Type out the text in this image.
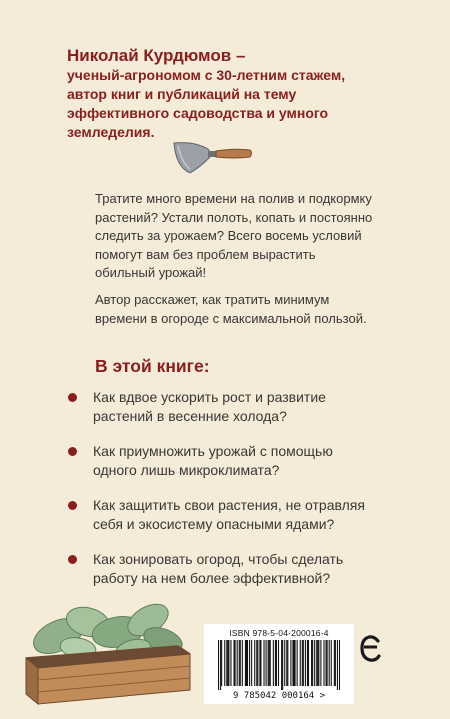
Николай Курдюмов –
ученый-агрономом с 30-летним стажем,
автор книг и публикаций на тему
эффективного садоводства и умного
земледелия.
Тратите много времени на полив и подкормку
растений? Устали полоть, копать и постоянно
следить за урожаем? Всего восемь условий
помогут вам без проблем вырастить
обильный урожай!
Автор расскажет, как тратить минимум
времени в огороде с максимальной пользой.
В этой книге:
Как вдвое ускорить рост и развитие
растений в весенние холода?
Как приумножить урожай с помощью
одного лишь микроклимата?
Как защитить свои растения, не отравляя
себя и экосистему опасными ядами?
Как зонировать огород, чтобы сделать
работу на нем более эффективной?
ISBN 978-5-04-200016-4
9 785042 000164 >
